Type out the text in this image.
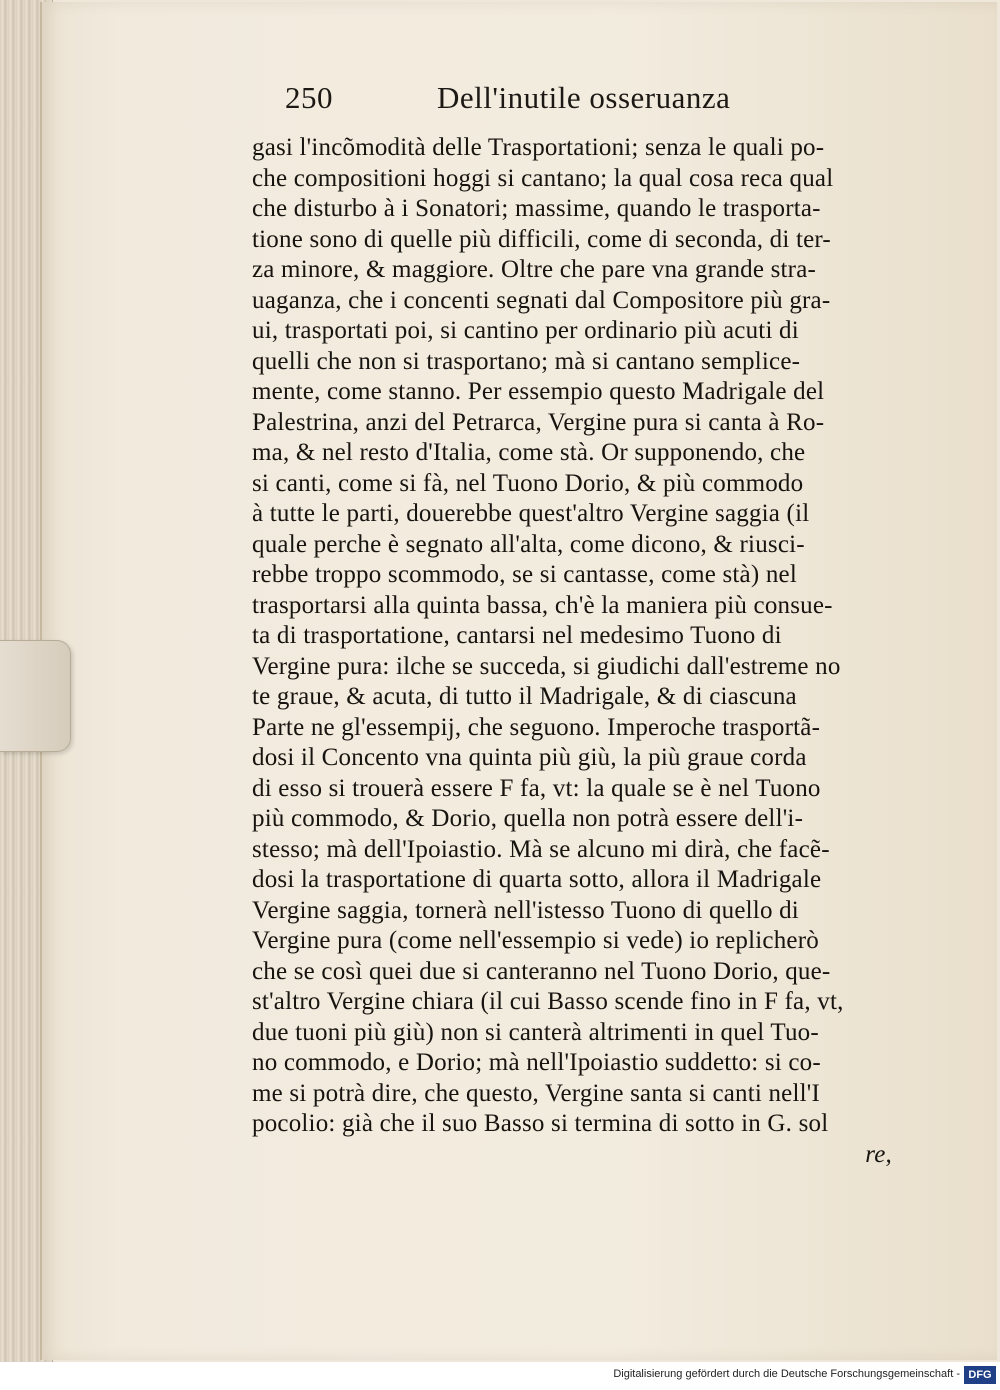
250	Dell'inutile osseruanza
gasi l'incõmodità delle Trasportationi; senza le quali po-
che compositioni hoggi si cantano; la qual cosa reca qual
che disturbo à i Sonatori; massime, quando le trasporta-
tione sono di quelle più difficili, come di seconda, di ter-
za minore, & maggiore. Oltre che pare vna grande stra-
uaganza, che i concenti segnati dal Compositore più gra-
ui, trasportati poi, si cantino per ordinario più acuti di
quelli che non si trasportano; mà si cantano semplice-
mente, come stanno. Per essempio questo Madrigale del
Palestrina, anzi del Petrarca, Vergine pura si canta à Ro-
ma, & nel resto d'Italia, come stà. Or supponendo, che
si canti, come si fà, nel Tuono Dorio, & più commodo
à tutte le parti, douerebbe quest'altro Vergine saggia (il
quale perche è segnato all'alta, come dicono, & riusci-
rebbe troppo scommodo, se si cantasse, come stà) nel
trasportarsi alla quinta bassa, ch'è la maniera più consue-
ta di trasportatione, cantarsi nel medesimo Tuono di
Vergine pura: ilche se succeda, si giudichi dall'estreme no
te graue, & acuta, di tutto il Madrigale, & di ciascuna
Parte ne gl'essempij, che seguono. Imperoche trasportã-
dosi il Concento vna quinta più giù, la più graue corda
di esso si trouerà essere F fa, vt: la quale se è nel Tuono
più commodo, & Dorio, quella non potrà essere dell'i-
stesso; mà dell'Ipoiastio. Mà se alcuno mi dirà, che facẽ-
dosi la trasportatione di quarta sotto, allora il Madrigale
Vergine saggia, tornerà nell'istesso Tuono di quello di
Vergine pura (come nell'essempio si vede) io replicherò
che se così quei due si canteranno nel Tuono Dorio, que-
st'altro Vergine chiara (il cui Basso scende fino in F fa, vt,
due tuoni più giù) non si canterà altrimenti in quel Tuo-
no commodo, e Dorio; mà nell'Ipoiastio suddetto: si co-
me si potrà dire, che questo, Vergine santa si canti nell'I
pocolio: già che il suo Basso si termina di sotto in G. sol
re,
Digitalisierung gefördert durch die Deutsche Forschungsgemeinschaft - DFG
